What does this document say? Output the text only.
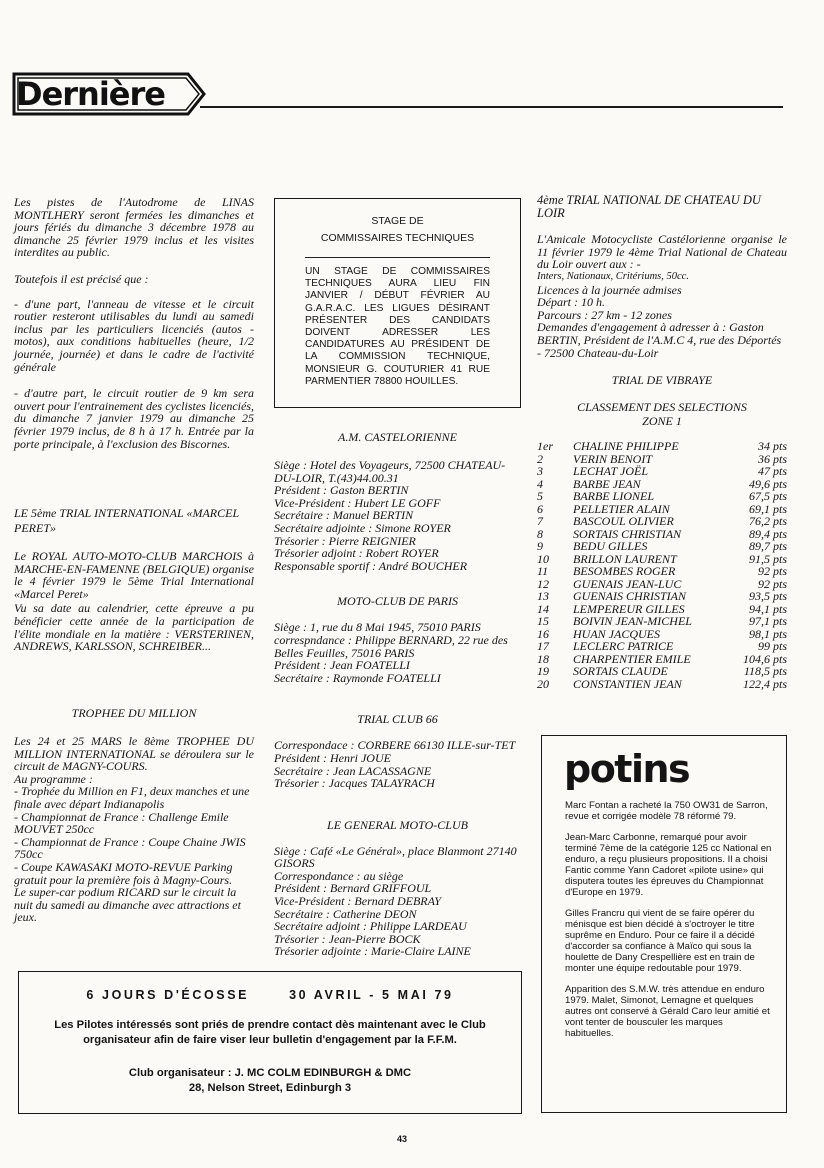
Dernière

Les pistes de l'Autodrome de LINAS MONTLHERY seront fermées les dimanches et jours fériés du dimanche 3 décembre 1978 au dimanche 25 février 1979 inclus et les visites interdites au public.

Toutefois il est précisé que :

- d'une part, l'anneau de vitesse et le circuit routier resteront utilisables du lundi au samedi inclus par les particuliers licenciés (autos - motos), aux conditions habituelles (heure, 1/2 journée, journée) et dans le cadre de l'activité générale

- d'autre part, le circuit routier de 9 km sera ouvert pour l'entrainement des cyclistes licenciés, du dimanche 7 janvier 1979 au dimanche 25 février 1979 inclus, de 8 h à 17 h. Entrée par la porte principale, à l'exclusion des Biscornes.

LE 5ème TRIAL INTERNATIONAL «MARCEL PERET»

Le ROYAL AUTO-MOTO-CLUB MARCHOIS à MARCHE-EN-FAMENNE (BELGIQUE) organise le 4 février 1979 le 5ème Trial International «Marcel Peret»

Vu sa date au calendrier, cette épreuve a pu bénéficier cette année de la participation de l'élite mondiale en la matière : VERSTERINEN, ANDREWS, KARLSSON, SCHREIBER...

TROPHEE DU MILLION

Les 24 et 25 MARS le 8ème TROPHEE DU MILLION INTERNATIONAL se déroulera sur le circuit de MAGNY-COURS.

Au programme :

- Trophée du Million en F1, deux manches et une finale avec départ Indianapolis

- Championnat de France : Challenge Emile MOUVET 250cc

- Championnat de France : Coupe Chaine JWIS 750cc

- Coupe KAWASAKI MOTO-REVUE Parking gratuit pour la première fois à Magny-Cours.

Le super-car podium RICARD sur le circuit la nuit du samedi au dimanche avec attractions et jeux.

STAGE DE
COMMISSAIRES TECHNIQUES

UN STAGE DE COMMISSAIRES TECHNIQUES AURA LIEU FIN JANVIER / DÉBUT FÉVRIER AU G.A.R.A.C. LES LIGUES DÉSIRANT PRÉSENTER DES CANDIDATS DOIVENT ADRESSER LES CANDIDATURES AU PRÉSIDENT DE LA COMMISSION TECHNIQUE, MONSIEUR G. COUTURIER 41 RUE PARMENTIER 78800 HOUILLES.

A.M. CASTELORIENNE

Siège : Hotel des Voyageurs, 72500 CHATEAU-DU-LOIR, T.(43)44.00.31
Président : Gaston BERTIN
Vice-Président : Hubert LE GOFF
Secrétaire : Manuel BERTIN
Secrétaire adjointe : Simone ROYER
Trésorier : Pierre REIGNIER
Trésorier adjoint : Robert ROYER
Responsable sportif : André BOUCHER

MOTO-CLUB DE PARIS

Siège : 1, rue du 8 Mai 1945, 75010 PARIS
correspndance : Philippe BERNARD, 22 rue des Belles Feuilles, 75016 PARIS
Président : Jean FOATELLI
Secrétaire : Raymonde FOATELLI

TRIAL CLUB 66

Correspondace : CORBERE 66130 ILLE-sur-TET
Président : Henri JOUE
Secrétaire : Jean LACASSAGNE
Trésorier : Jacques TALAYRACH

LE GENERAL MOTO-CLUB

Siège : Café «Le Général», place Blanmont 27140 GISORS
Correspondance : au siège
Président : Bernard GRIFFOUL
Vice-Président : Bernard DEBRAY
Secrétaire : Catherine DEON
Secrétaire adjoint : Philippe LARDEAU
Trésorier : Jean-Pierre BOCK
Trésorier adjointe : Marie-Claire LAINE

4ème TRIAL NATIONAL DE CHATEAU DU LOIR

L'Amicale Motocycliste Castélorienne organise le 11 février 1979 le 4ème Trial National de Chateau du Loir ouvert aux : -

Inters, Nationaux, Critériums, 50cc.

Licences à la journée admises
Départ : 10 h.
Parcours : 27 km - 12 zones
Demandes d'engagement à adresser à : Gaston BERTIN, Président de l'A.M.C 4, rue des Déportés - 72500 Chateau-du-Loir

TRIAL DE VIBRAYE

CLASSEMENT DES SELECTIONS

ZONE 1

1er	CHALINE PHILIPPE	34 pts
2	VERIN BENOIT	36 pts
3	LECHAT JOËL	47 pts
4	BARBE JEAN	49,6 pts
5	BARBE LIONEL	67,5 pts
6	PELLETIER ALAIN	69,1 pts
7	BASCOUL OLIVIER	76,2 pts
8	SORTAIS CHRISTIAN	89,4 pts
9	BEDU GILLES	89,7 pts
10	BRILLON LAURENT	91,5 pts
11	BESOMBES ROGER	92 pts
12	GUENAIS JEAN-LUC	92 pts
13	GUENAIS CHRISTIAN	93,5 pts
14	LEMPEREUR GILLES	94,1 pts
15	BOIVIN JEAN-MICHEL	97,1 pts
16	HUAN JACQUES	98,1 pts
17	LECLERC PATRICE	99 pts
18	CHARPENTIER EMILE	104,6 pts
19	SORTAIS CLAUDE	118,5 pts
20	CONSTANTIEN JEAN	122,4 pts
potins

Marc Fontan a racheté la 750 OW31 de Sarron, revue et corrigée modèle 78 réformé 79.

Jean-Marc Carbonne, remarqué pour avoir terminé 7ème de la catégorie 125 cc National en enduro, a reçu plusieurs propositions. Il a choisi Fantic comme Yann Cadoret «pilote usine» qui disputera toutes les épreuves du Championnat d'Europe en 1979.

Gilles Francru qui vient de se faire opérer du ménisque est bien décidé à s'octroyer le titre suprême en Enduro. Pour ce faire il a décidé d'accorder sa confiance à Maïco qui sous la houlette de Dany Crespellière est en train de monter une équipe redoutable pour 1979.

Apparition des S.M.W. très attendue en enduro 1979. Malet, Simonot, Lemagne et quelques autres ont conservé à Gérald Caro leur amitié et vont tenter de bousculer les marques habituelles.

6 JOURS D'ÉCOSSE	30 AVRIL - 5 MAI 79

Les Pilotes intéressés sont priés de prendre contact dès maintenant avec le Club organisateur afin de faire viser leur bulletin d'engagement par la F.F.M.

Club organisateur : J. MC COLM EDINBURGH & DMC

28, Nelson Street, Edinburgh 3

43
